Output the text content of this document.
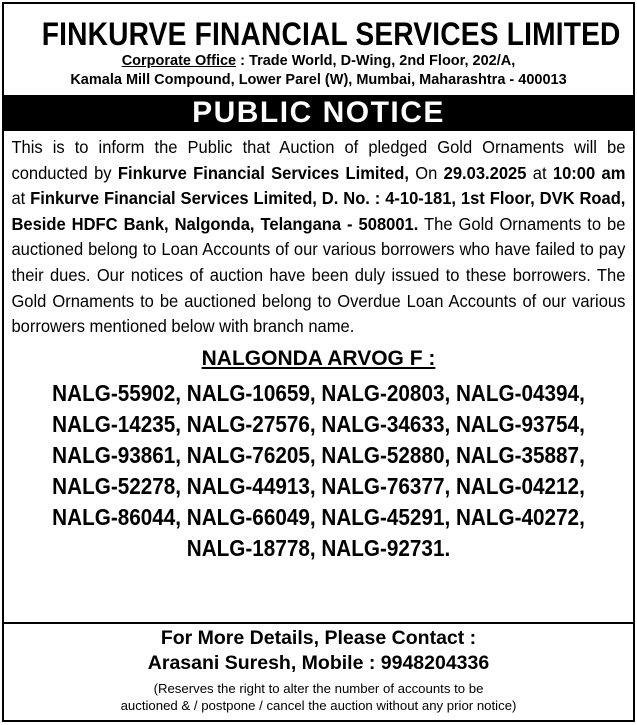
FINKURVE FINANCIAL SERVICES LIMITED
Corporate Office : Trade World, D-Wing, 2nd Floor, 202/A,
Kamala Mill Compound, Lower Parel (W), Mumbai, Maharashtra - 400013
PUBLIC NOTICE
This is to inform the Public that Auction of pledged Gold Ornaments will be conducted by Finkurve Financial Services Limited, On 29.03.2025 at 10:00 am at Finkurve Financial Services Limited, D. No. : 4-10-181, 1st Floor, DVK Road, Beside HDFC Bank, Nalgonda, Telangana - 508001. The Gold Ornaments to be auctioned belong to Loan Accounts of our various borrowers who have failed to pay their dues. Our notices of auction have been duly issued to these borrowers. The Gold Ornaments to be auctioned belong to Overdue Loan Accounts of our various borrowers mentioned below with branch name.
NALGONDA ARVOG F :
NALG-55902, NALG-10659, NALG-20803, NALG-04394,
NALG-14235, NALG-27576, NALG-34633, NALG-93754,
NALG-93861, NALG-76205, NALG-52880, NALG-35887,
NALG-52278, NALG-44913, NALG-76377, NALG-04212,
NALG-86044, NALG-66049, NALG-45291, NALG-40272,
NALG-18778, NALG-92731.
For More Details, Please Contact :
Arasani Suresh, Mobile : 9948204336
(Reserves the right to alter the number of accounts to be
auctioned & / postpone / cancel the auction without any prior notice)
